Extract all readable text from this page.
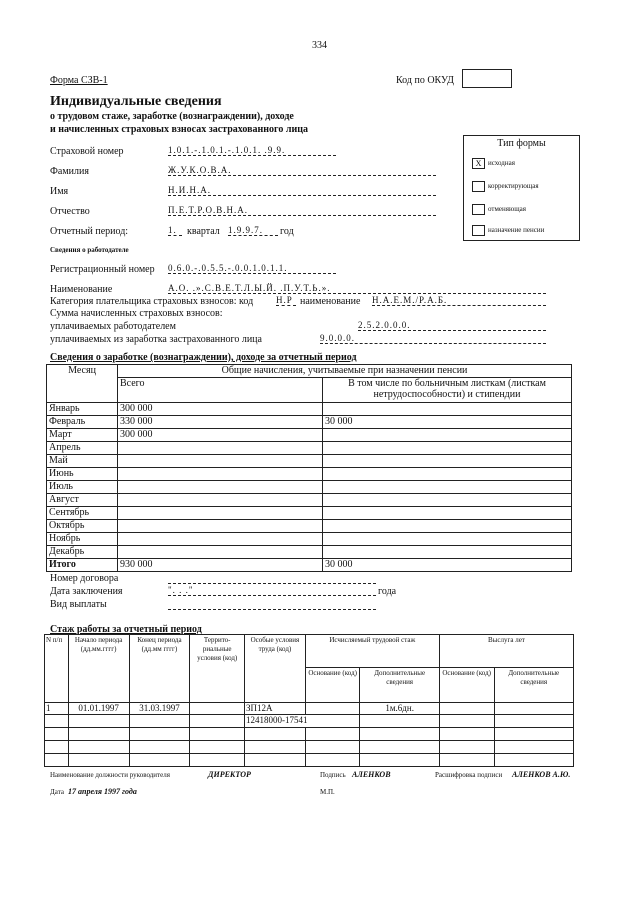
334
Форма СЗВ-1	Код по ОКУД
Индивидуальные сведения
о трудовом стаже, заработке (вознаграждении), доходе
и начисленных страховых взносах застрахованного лица
Страховой номер	1.0.1.-.1.0.1.-.1.0.1. .9.9.
Фамилия	Ж.У.К.О.В.А.
Имя	Н.И.Н.А.
Отчество	П.Е.Т.Р.О.В.Н.А.
Отчетный период:	1.	квартал 1.9.9.7.	год
Тип формы
X исходная
корректирующая
отменяющая
назначение пенсии
Сведения о работодателе
Регистрационный номер 0.6.0.-.0.5.5.-.0.0.1.0.1.1.
Наименование	А.О. .».С.В.Е.Т.Л.Ы.Й. .П.У.Т.Ь.».
Категория плательщика страховых взносов: код	Н.Р наименование Н.А.Е.М./Р.А.Б.
Сумма начисленных страховых взносов:
уплачиваемых работодателем	2.5.2.0.0.0.
уплачиваемых из заработка застрахованного лица	9.0.0.0.
Сведения о заработке (вознаграждении), доходе за отчетный период
Месяц	Общие начисления, учитываемые при назначении пенсии	
	Всего	В том числе по больничным листкам (листкам нетрудоспособности) и стипендии
Январь	300 000	
Февраль	330 000	30 000
Март	300 000	
Апрель		
Май		
Июнь		
Июль		
Август		
Сентябрь		
Октябрь		
Ноябрь		
Декабрь		
Итого	930 000	30 000
Номер договора
Дата заключения	". . ."	года
Вид выплаты
Стаж работы за отчетный период
N п/п	Начало периода (дд.мм.гггг)	Конец периода (дд.мм гггг)	Террито-риальные условия (код)	Особые условия труда (код)	Исчисляемый трудовой стаж		Выслуга лет	
					Основание (код)	Дополнительные сведения	Основание (код)	Дополнительные сведения
1	01.01.1997	31.03.1997		ЗП12А		1м.6дн.		
				12418000-17541				

Наименование должности руководителя	ДИРЕКТОР	Подпись АЛЕНКОВ	Расшифровка подписи АЛЕНКОВ А.Ю.
Дата 17 апреля 1997 года	М.П.
